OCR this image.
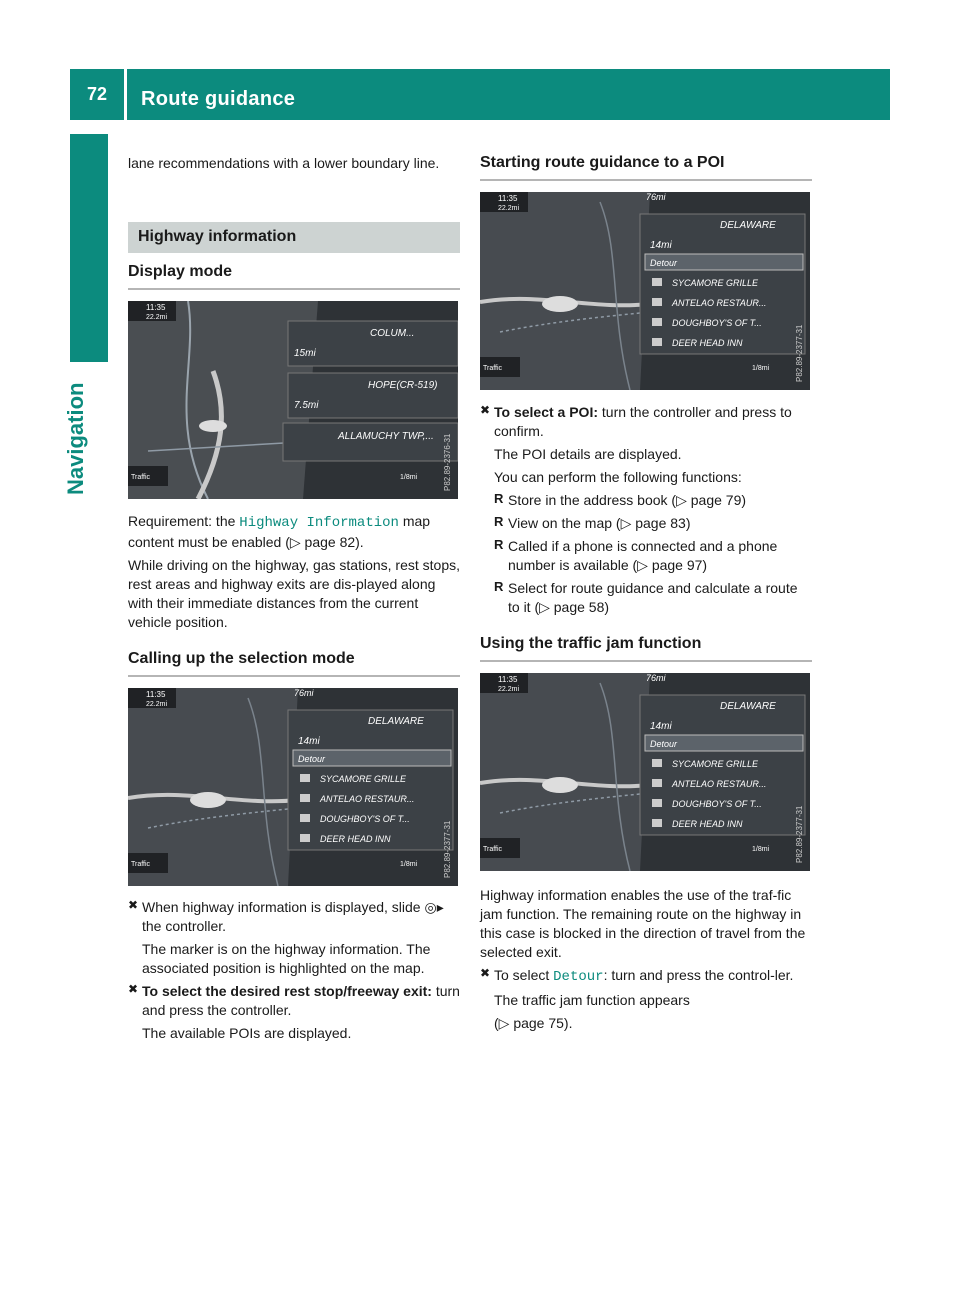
72	Route guidance
Navigation

lane recommendations with a lower boundary line.

Highway information
Display mode
11:35
22.2mi
COLUM...
15mi
HOPE(CR-519)
7.5mi
ALLAMUCHY TWP,...
Traffic	1/8mi	P82.89-2376-31

Requirement: the Highway Information map content must be enabled (▷ page 82).

While driving on the highway, gas stations, rest stops, rest areas and highway exits are dis-played along with their immediate distances from the current vehicle position.

Calling up the selection mode
11:35
22.2mi
76mi
DELAWARE
14mi
Detour
SYCAMORE GRILLE
ANTELAO RESTAUR...
DOUGHBOY'S OF T...
DEER HEAD INN
Traffic	1/8mi	P82.89-2377-31
✖ When highway information is displayed, slide ◎▸ the controller.

The marker is on the highway information. The associated position is highlighted on the map.

✖ To select the desired rest stop/freeway exit: turn and press the controller.

The available POIs are displayed.

Starting route guidance to a POI
11:35
22.2mi
76mi
DELAWARE
14mi
Detour
SYCAMORE GRILLE
ANTELAO RESTAUR...
DOUGHBOY'S OF T...
DEER HEAD INN
Traffic	1/8mi	P82.89-2377-31
✖ To select a POI: turn the controller and press to confirm.

The POI details are displayed.

You can perform the following functions:

R Store in the address book (▷ page 79)

R View on the map (▷ page 83)

R Called if a phone is connected and a phone number is available (▷ page 97)

R Select for route guidance and calculate a route to it (▷ page 58)

Using the traffic jam function
11:35
22.2mi
76mi
DELAWARE
14mi
Detour
SYCAMORE GRILLE
ANTELAO RESTAUR...
DOUGHBOY'S OF T...
DEER HEAD INN
Traffic	1/8mi	P82.89-2377-31

Highway information enables the use of the traf-fic jam function. The remaining route on the highway in this case is blocked in the direction of travel from the selected exit.

✖ To select Detour: turn and press the control-ler.

The traffic jam function appears

(▷ page 75).
